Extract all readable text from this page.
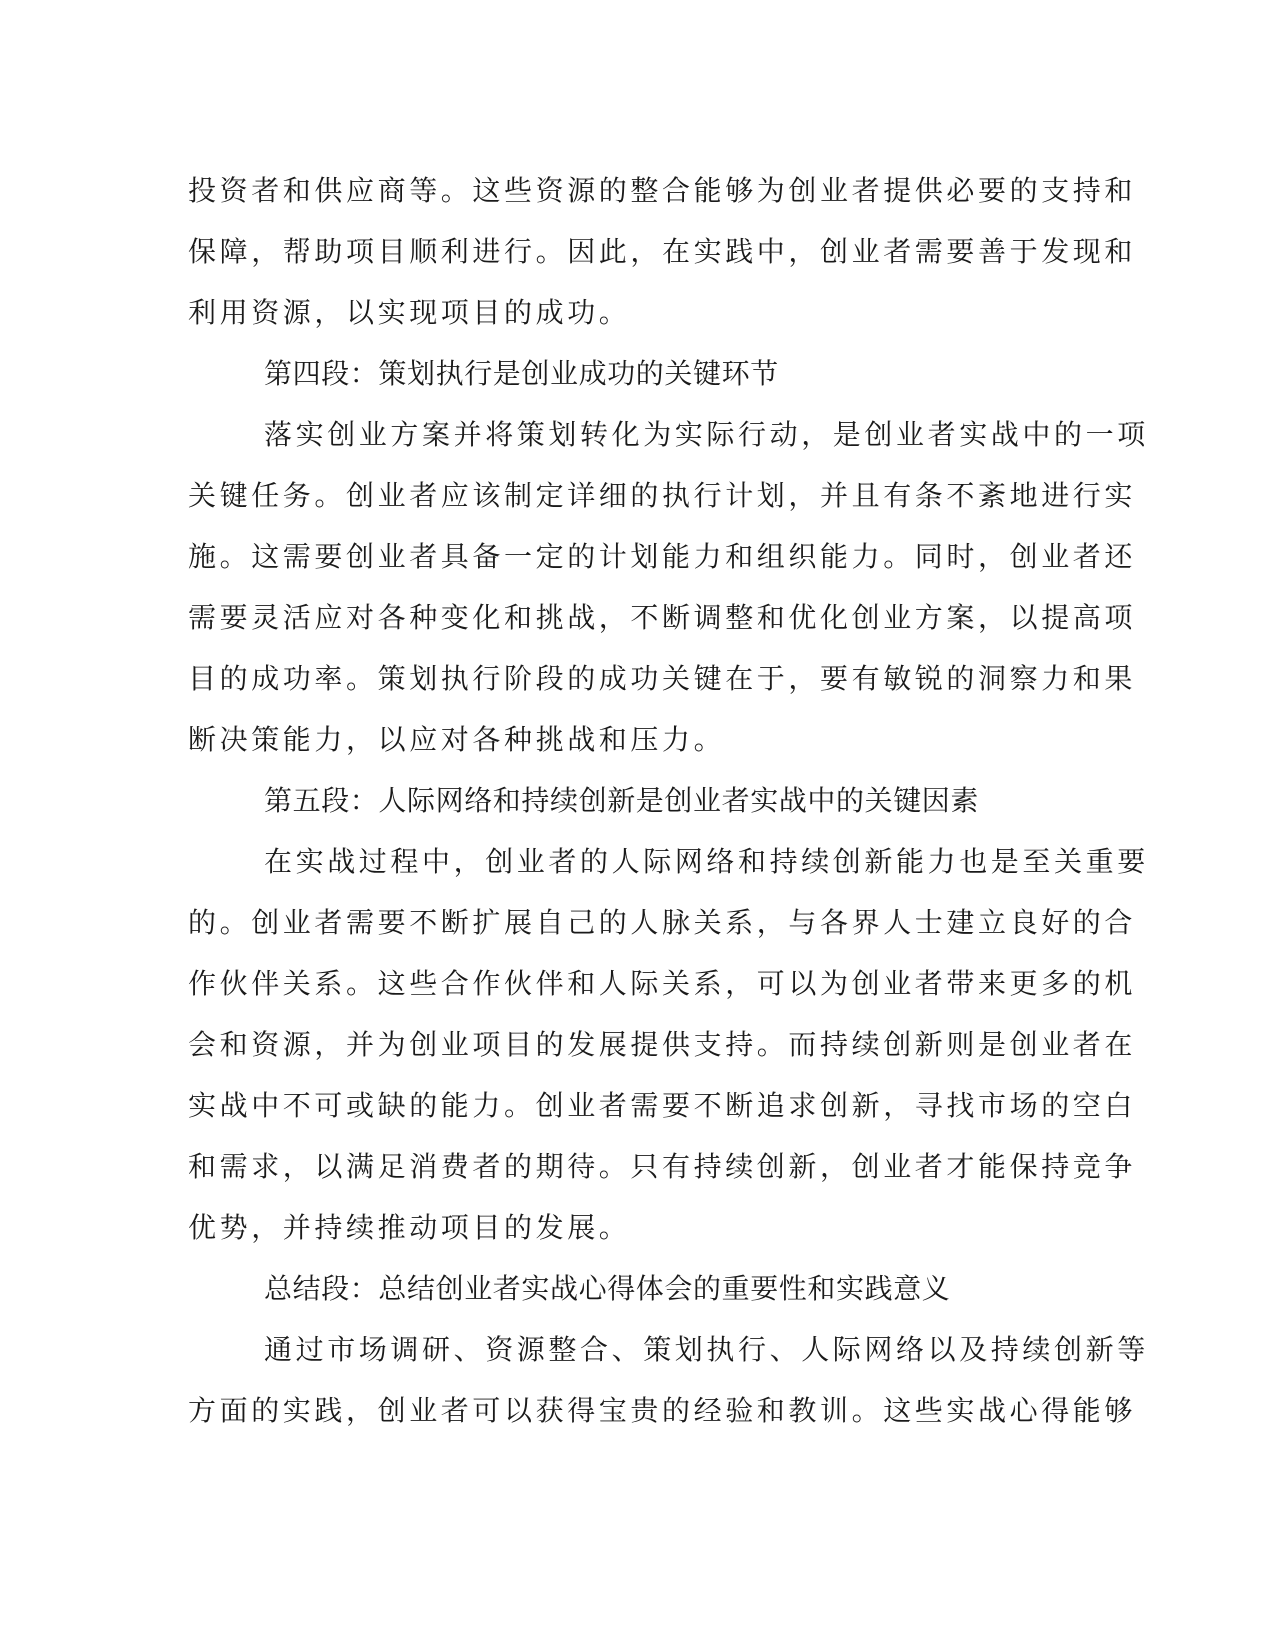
投资者和供应商等。这些资源的整合能够为创业者提供必要的支持和
保障，帮助项目顺利进行。因此，在实践中，创业者需要善于发现和
利用资源，以实现项目的成功。
第四段：策划执行是创业成功的关键环节
落实创业方案并将策划转化为实际行动，是创业者实战中的一项
关键任务。创业者应该制定详细的执行计划，并且有条不紊地进行实
施。这需要创业者具备一定的计划能力和组织能力。同时，创业者还
需要灵活应对各种变化和挑战，不断调整和优化创业方案，以提高项
目的成功率。策划执行阶段的成功关键在于，要有敏锐的洞察力和果
断决策能力，以应对各种挑战和压力。
第五段：人际网络和持续创新是创业者实战中的关键因素
在实战过程中，创业者的人际网络和持续创新能力也是至关重要
的。创业者需要不断扩展自己的人脉关系，与各界人士建立良好的合
作伙伴关系。这些合作伙伴和人际关系，可以为创业者带来更多的机
会和资源，并为创业项目的发展提供支持。而持续创新则是创业者在
实战中不可或缺的能力。创业者需要不断追求创新，寻找市场的空白
和需求，以满足消费者的期待。只有持续创新，创业者才能保持竞争
优势，并持续推动项目的发展。
总结段：总结创业者实战心得体会的重要性和实践意义
通过市场调研、资源整合、策划执行、人际网络以及持续创新等
方面的实践，创业者可以获得宝贵的经验和教训。这些实战心得能够
